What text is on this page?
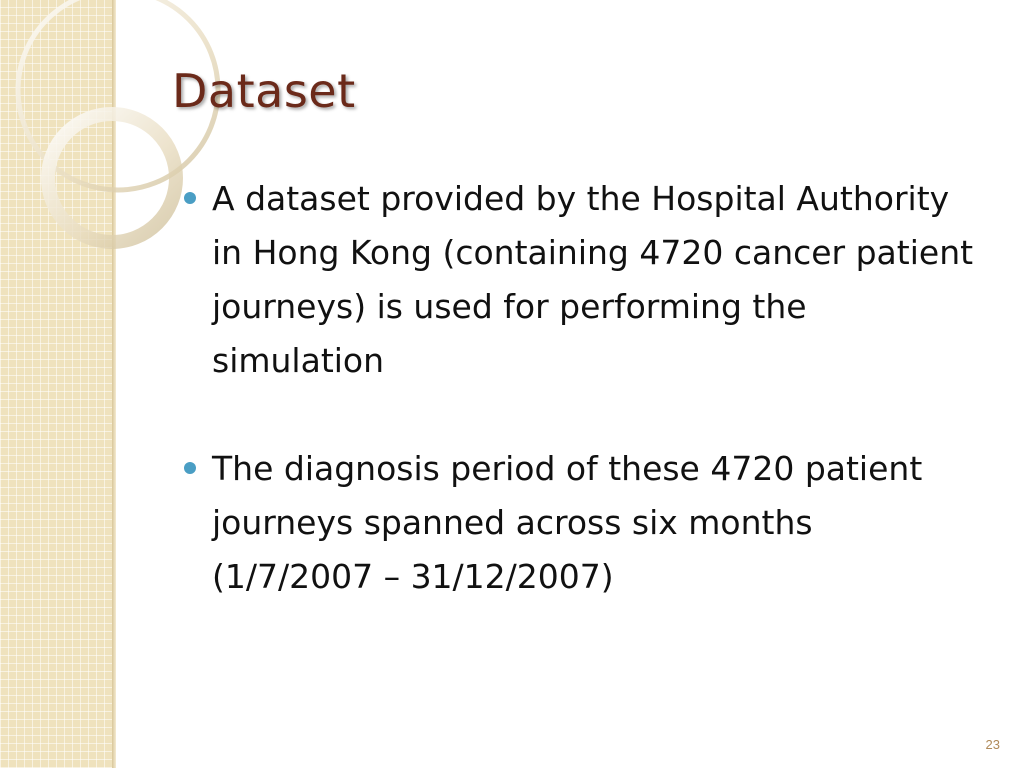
Dataset
A dataset provided by the Hospital Authority in Hong Kong (containing 4720 cancer patient journeys) is used for performing the simulation
The diagnosis period of these 4720 patient journeys spanned across six months (1/7/2007 – 31/12/2007)
23
